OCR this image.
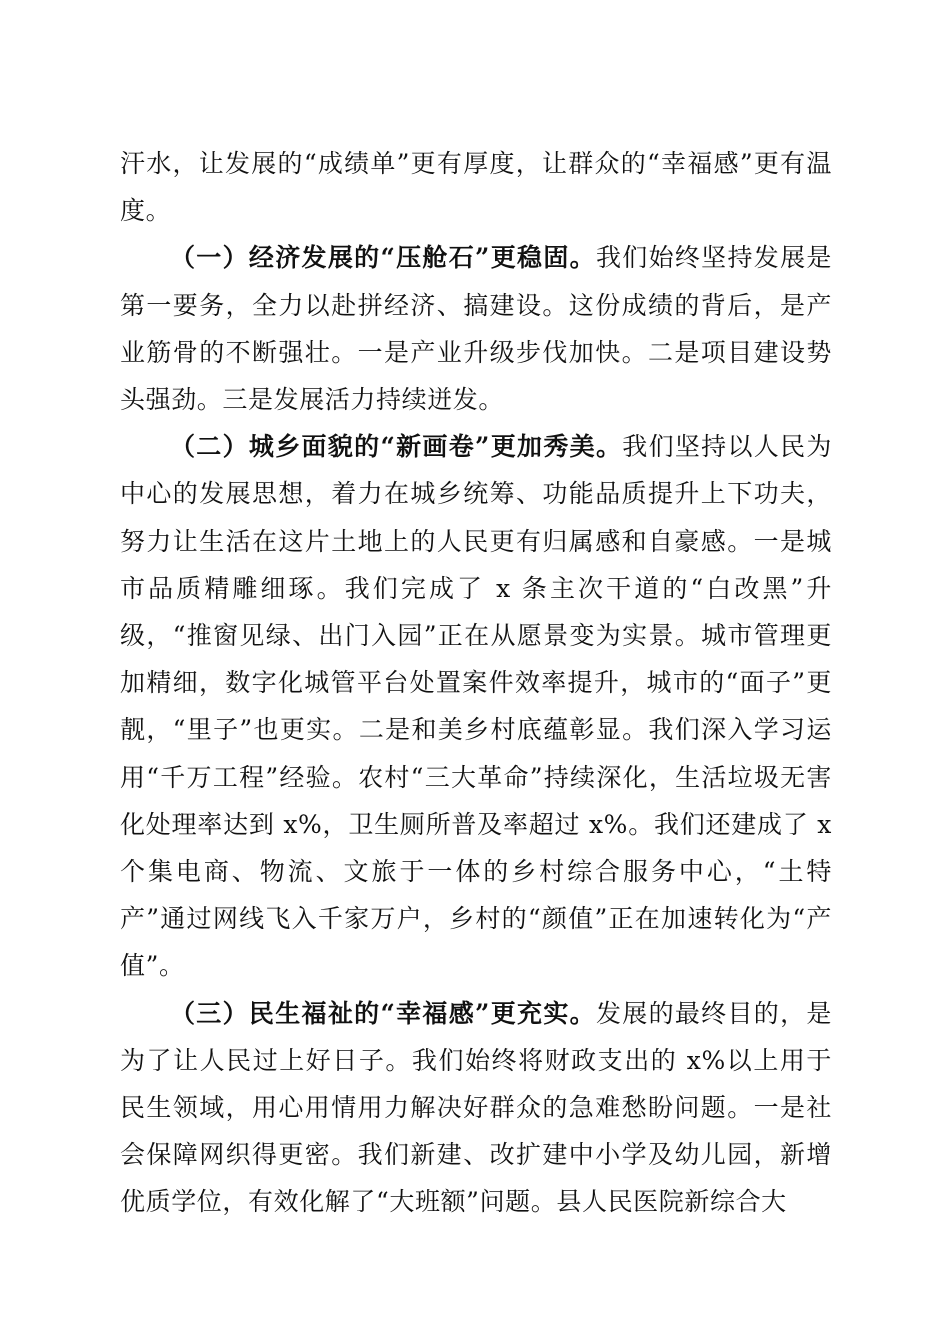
汗水，让发展的“成绩单”更有厚度，让群众的“幸福感”更有温度。

（一）经济发展的“压舱石”更稳固。我们始终坚持发展是第一要务，全力以赴拼经济、搞建设。这份成绩的背后，是产业筋骨的不断强壮。一是产业升级步伐加快。二是项目建设势头强劲。三是发展活力持续迸发。

（二）城乡面貌的“新画卷”更加秀美。我们坚持以人民为中心的发展思想，着力在城乡统筹、功能品质提升上下功夫，努力让生活在这片土地上的人民更有归属感和自豪感。一是城市品质精雕细琢。我们完成了 x 条主次干道的“白改黑”升级，“推窗见绿、出门入园”正在从愿景变为实景。城市管理更加精细，数字化城管平台处置案件效率提升，城市的“面子”更靓，“里子”也更实。二是和美乡村底蕴彰显。我们深入学习运用“千万工程”经验。农村“三大革命”持续深化，生活垃圾无害化处理率达到 x%，卫生厕所普及率超过 x%。我们还建成了 x 个集电商、物流、文旅于一体的乡村综合服务中心，“土特产”通过网线飞入千家万户，乡村的“颜值”正在加速转化为“产值”。

（三）民生福祉的“幸福感”更充实。发展的最终目的，是为了让人民过上好日子。我们始终将财政支出的 x%以上用于民生领域，用心用情用力解决好群众的急难愁盼问题。一是社会保障网织得更密。我们新建、改扩建中小学及幼儿园，新增优质学位，有效化解了“大班额”问题。县人民医院新综合大
